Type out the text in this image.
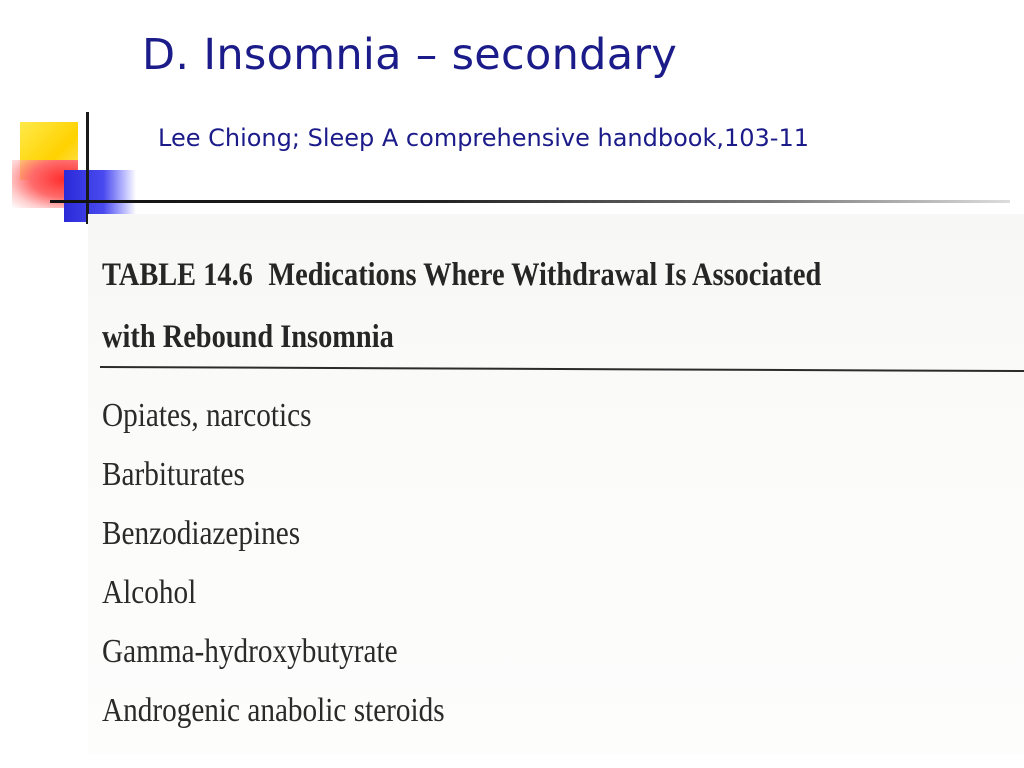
D. Insomnia – secondary
Lee Chiong; Sleep A comprehensive handbook,103-11
TABLE 14.6 Medications Where Withdrawal Is Associated
with Rebound Insomnia
Opiates, narcotics
Barbiturates
Benzodiazepines
Alcohol
Gamma-hydroxybutyrate
Androgenic anabolic steroids
